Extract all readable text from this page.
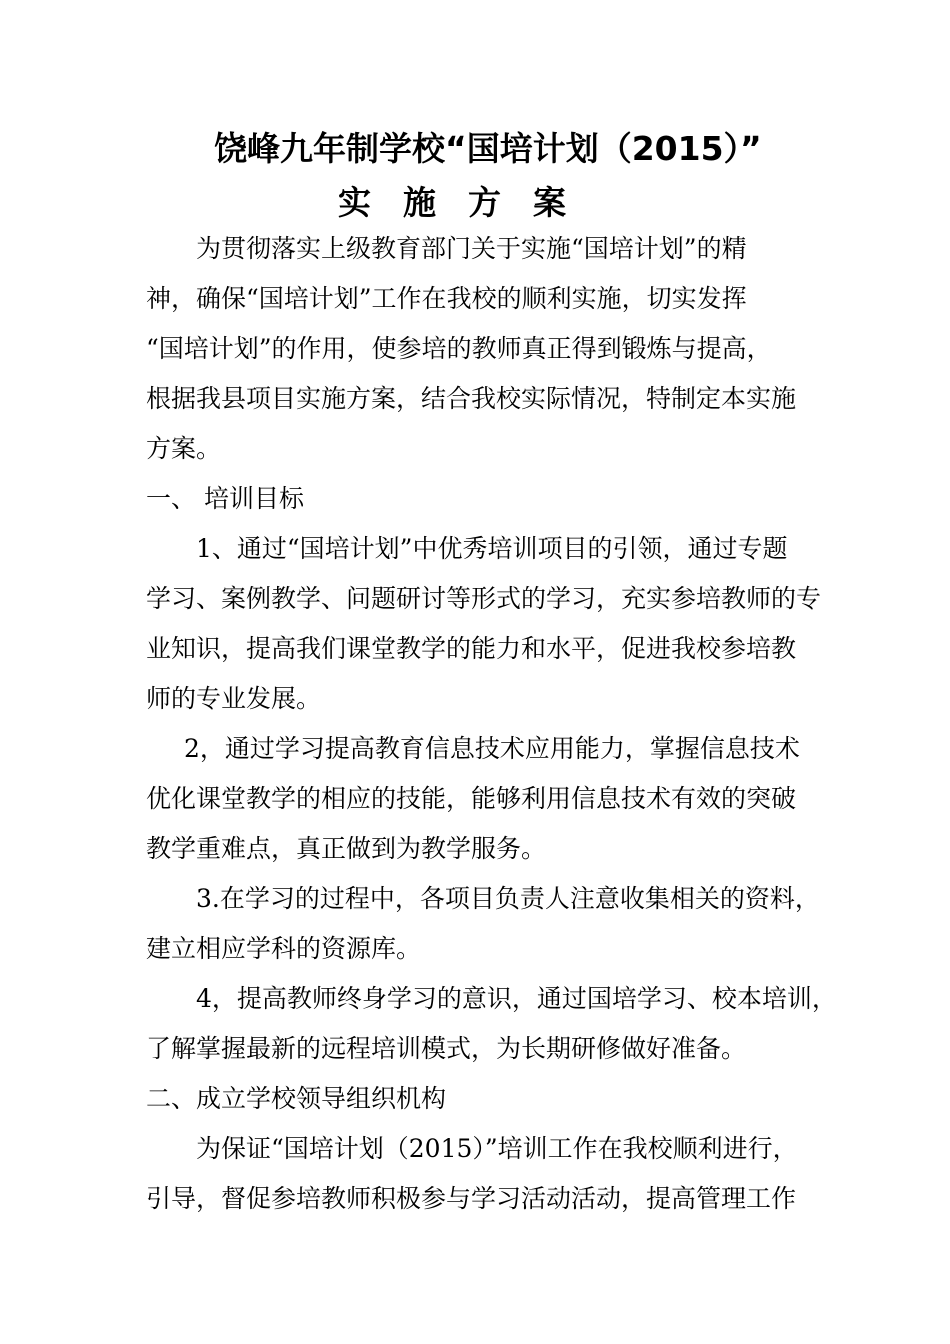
饶峰九年制学校“国培计划（2015）”
实施方案

为贯彻落实上级教育部门关于实施“国培计划”的精

神，确保“国培计划”工作在我校的顺利实施，切实发挥

“国培计划”的作用，使参培的教师真正得到锻炼与提高，

根据我县项目实施方案，结合我校实际情况，特制定本实施

方案。

一、 培训目标

1、通过“国培计划”中优秀培训项目的引领，通过专题

学习、案例教学、问题研讨等形式的学习，充实参培教师的专

业知识，提高我们课堂教学的能力和水平，促进我校参培教

师的专业发展。

2，通过学习提高教育信息技术应用能力，掌握信息技术

优化课堂教学的相应的技能，能够利用信息技术有效的突破

教学重难点，真正做到为教学服务。

3.在学习的过程中，各项目负责人注意收集相关的资料，

建立相应学科的资源库。

4，提高教师终身学习的意识，通过国培学习、校本培训，

了解掌握最新的远程培训模式，为长期研修做好准备。

二、成立学校领导组织机构

为保证“国培计划（2015）”培训工作在我校顺利进行，

引导，督促参培教师积极参与学习活动活动，提高管理工作
